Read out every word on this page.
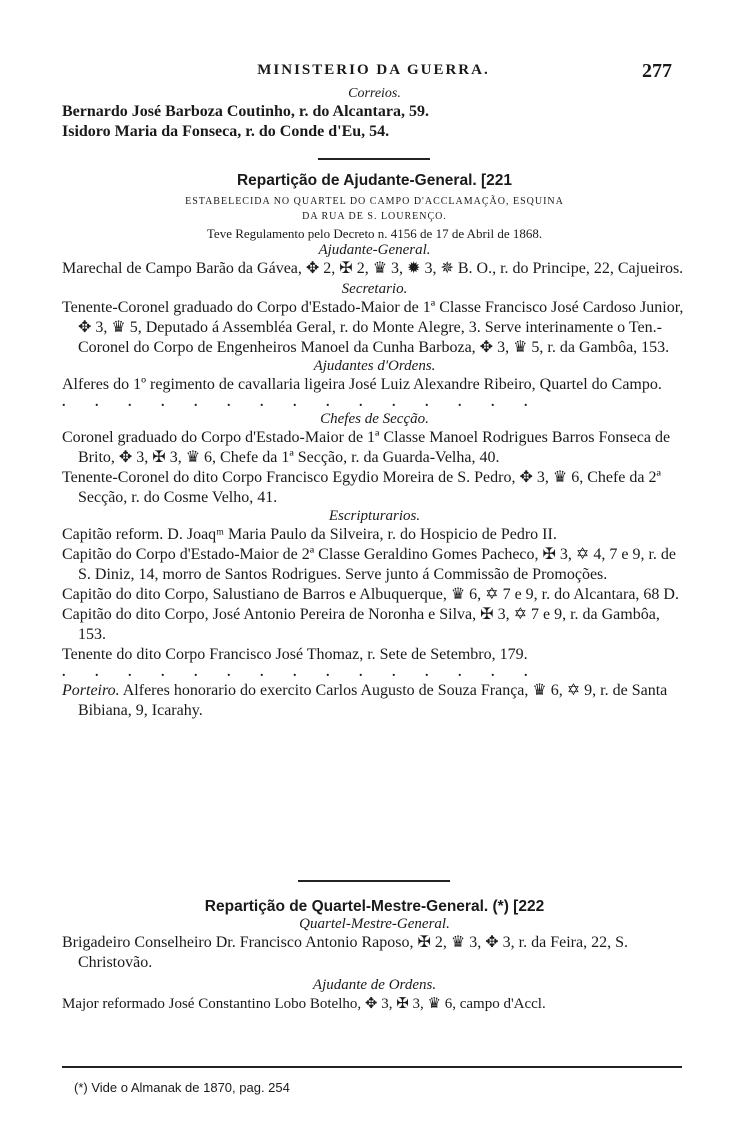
MINISTERIO DA GUERRA.	277
Correios.
Bernardo José Barboza Coutinho, r. do Alcantara, 59.
Isidoro Maria da Fonseca, r. do Conde d'Eu, 54.
Repartição de Ajudante-General. [221
ESTABELECIDA NO QUARTEL DO CAMPO D'ACCLAMAÇÃO, ESQUINA
DA RUA DE S. LOURENÇO.
Teve Regulamento pelo Decreto n. 4156 de 17 de Abril de 1868.
Ajudante-General.
Marechal de Campo Barão da Gávea, ✥ 2, ✠ 2, ♛ 3, ✹ 3, ✵ B. O., r. do Principe, 22, Cajueiros.
Secretario.
Tenente-Coronel graduado do Corpo d'Estado-Maior de 1ª Classe Francisco José Cardoso Junior, ✥ 3, ♛ 5, Deputado á Assembléa Geral, r. do Monte Alegre, 3. Serve interinamente o Ten.-Coronel do Corpo de Engenheiros Manoel da Cunha Barboza, ✥ 3, ♛ 5, r. da Gambôa, 153.
Ajudantes d'Ordens.
Alferes do 1º regimento de cavallaria ligeira José Luiz Alexandre Ribeiro, Quartel do Campo.
. . . . . . . . . . . . . . .
Chefes de Secção.
Coronel graduado do Corpo d'Estado-Maior de 1ª Classe Manoel Rodrigues Barros Fonseca de Brito, ✥ 3, ✠ 3, ♛ 6, Chefe da 1ª Secção, r. da Guarda-Velha, 40.
Tenente-Coronel do dito Corpo Francisco Egydio Moreira de S. Pedro, ✥ 3, ♛ 6, Chefe da 2ª Secção, r. do Cosme Velho, 41.
Escripturarios.
Capitão reform. D. Joaqᵐ Maria Paulo da Silveira, r. do Hospicio de Pedro II.
Capitão do Corpo d'Estado-Maior de 2ª Classe Geraldino Gomes Pacheco, ✠ 3, ✡ 4, 7 e 9, r. de S. Diniz, 14, morro de Santos Rodrigues. Serve junto á Commissão de Promoções.
Capitão do dito Corpo, Salustiano de Barros e Albuquerque, ♛ 6, ✡ 7 e 9, r. do Alcantara, 68 D.
Capitão do dito Corpo, José Antonio Pereira de Noronha e Silva, ✠ 3, ✡ 7 e 9, r. da Gambôa, 153.
Tenente do dito Corpo Francisco José Thomaz, r. Sete de Setembro, 179.
. . . . . . . . . . . . . . .
Porteiro. Alferes honorario do exercito Carlos Augusto de Souza França, ♛ 6, ✡ 9, r. de Santa Bibiana, 9, Icarahy.
Repartição de Quartel-Mestre-General. (*) [222
Quartel-Mestre-General.
Brigadeiro Conselheiro Dr. Francisco Antonio Raposo, ✠ 2, ♛ 3, ✥ 3, r. da Feira, 22, S. Christovão.
Ajudante de Ordens.
Major reformado José Constantino Lobo Botelho, ✥ 3, ✠ 3, ♛ 6, campo d'Accl.
(*) Vide o Almanak de 1870, pag. 254
